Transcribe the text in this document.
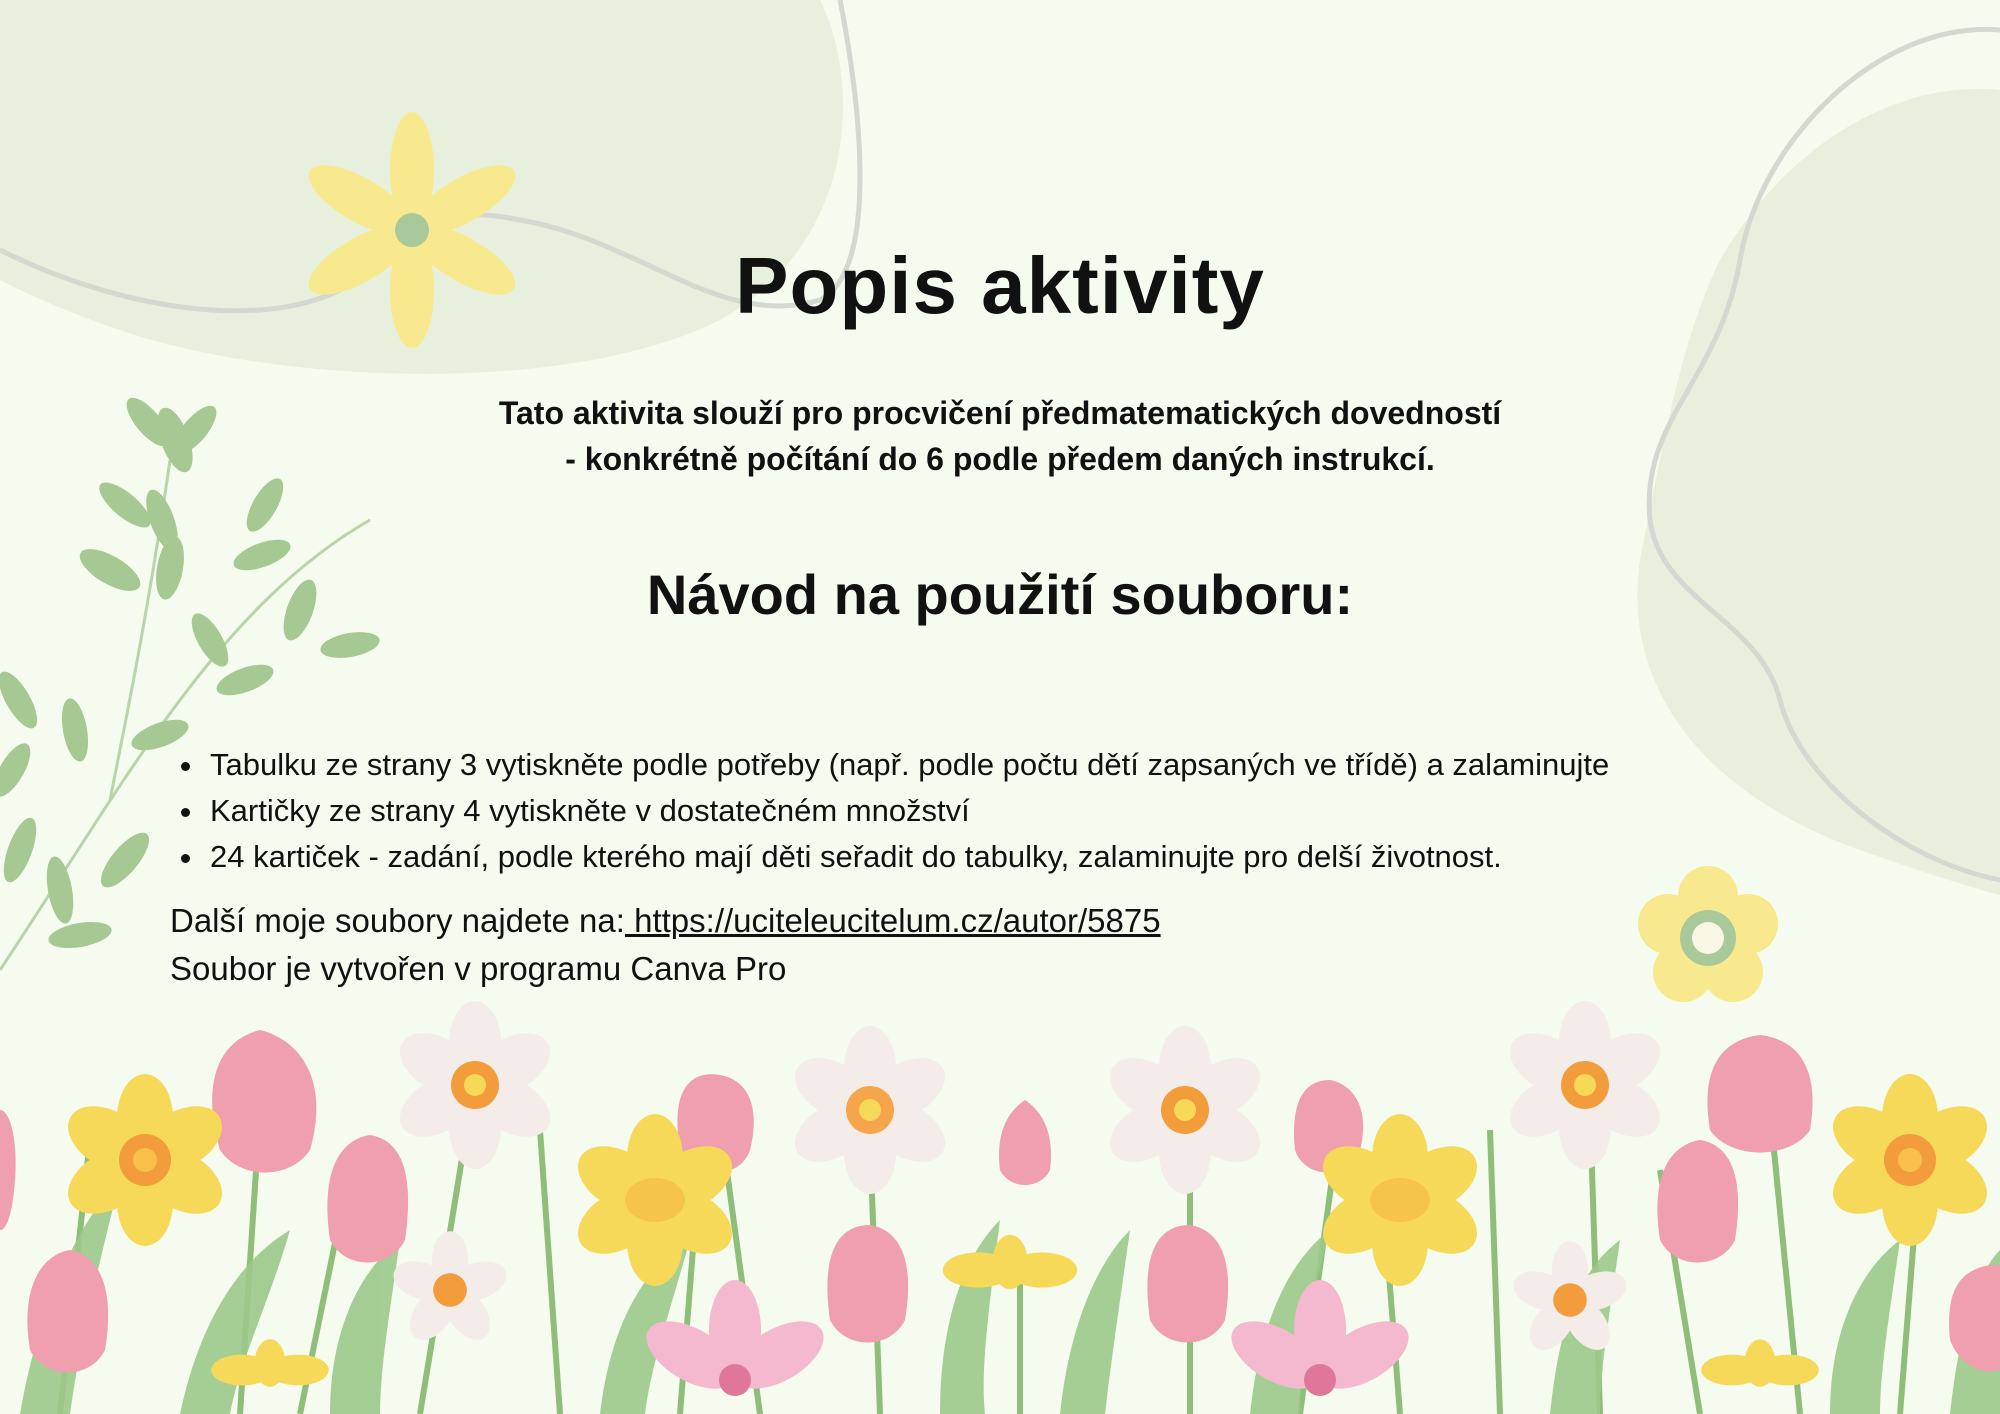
Popis aktivity

Tato aktivita slouží pro procvičení předmatematických dovedností
- konkrétně počítání do 6 podle předem daných instrukcí.

Návod na použití souboru:
• Tabulku ze strany 3 vytiskněte podle potřeby (např. podle počtu dětí zapsaných ve třídě) a zalaminujte
• Kartičky ze strany 4 vytiskněte v dostatečném množství
• 24 kartiček - zadání, podle kterého mají děti seřadit do tabulky, zalaminujte pro delší životnost.

Další moje soubory najdete na: https://uciteleucitelum.cz/autor/5875

Soubor je vytvořen v programu Canva Pro
